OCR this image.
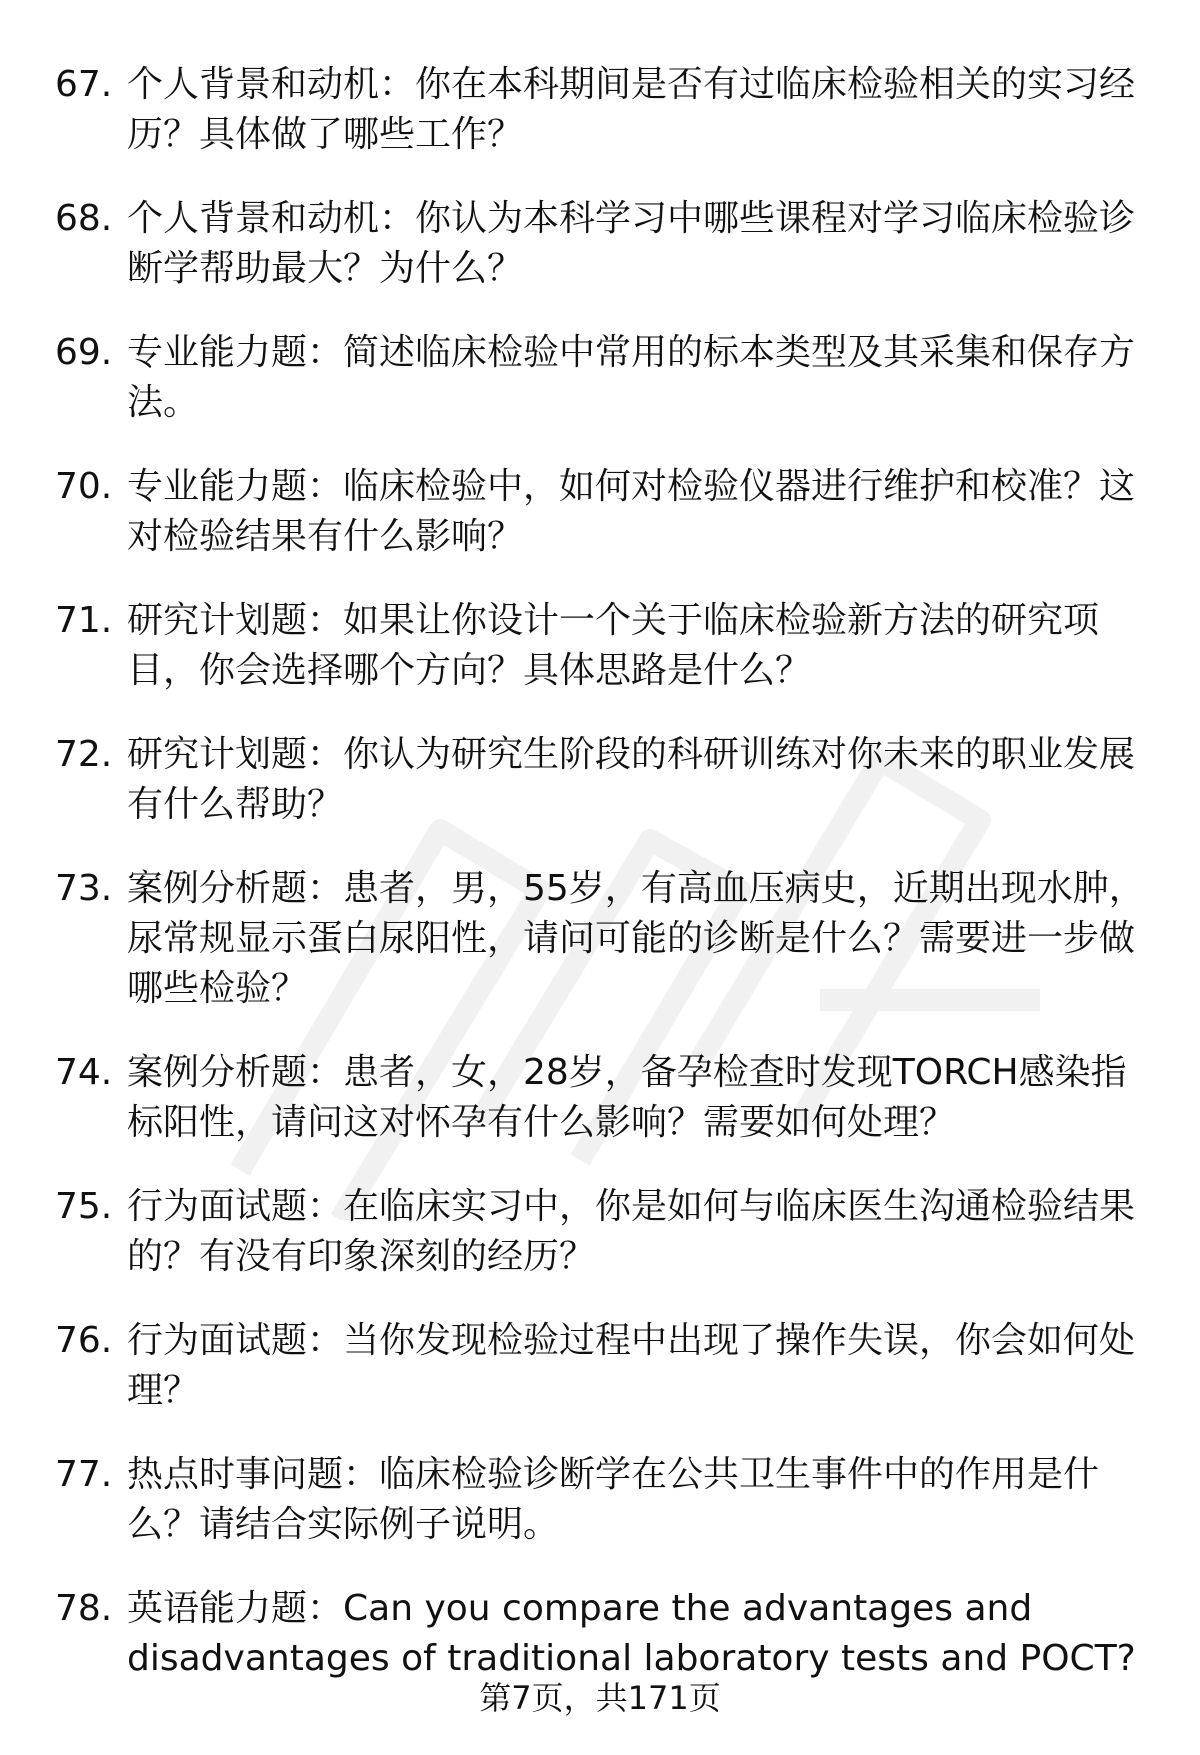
67. 个人背景和动机：你在本科期间是否有过临床检验相关的实习经历？具体做了哪些工作？
68. 个人背景和动机：你认为本科学习中哪些课程对学习临床检验诊断学帮助最大？为什么？
69. 专业能力题：简述临床检验中常用的标本类型及其采集和保存方法。
70. 专业能力题：临床检验中，如何对检验仪器进行维护和校准？这对检验结果有什么影响？
71. 研究计划题：如果让你设计一个关于临床检验新方法的研究项目，你会选择哪个方向？具体思路是什么？
72. 研究计划题：你认为研究生阶段的科研训练对你未来的职业发展有什么帮助？
73. 案例分析题：患者，男，55岁，有高血压病史，近期出现水肿，尿常规显示蛋白尿阳性，请问可能的诊断是什么？需要进一步做哪些检验？
74. 案例分析题：患者，女，28岁，备孕检查时发现TORCH感染指标阳性，请问这对怀孕有什么影响？需要如何处理？
75. 行为面试题：在临床实习中，你是如何与临床医生沟通检验结果的？有没有印象深刻的经历？
76. 行为面试题：当你发现检验过程中出现了操作失误，你会如何处理？
77. 热点时事问题：临床检验诊断学在公共卫生事件中的作用是什么？请结合实际例子说明。
78. 英语能力题：Can you compare the advantages and disadvantages of traditional laboratory tests and POCT?
第7页，共171页
